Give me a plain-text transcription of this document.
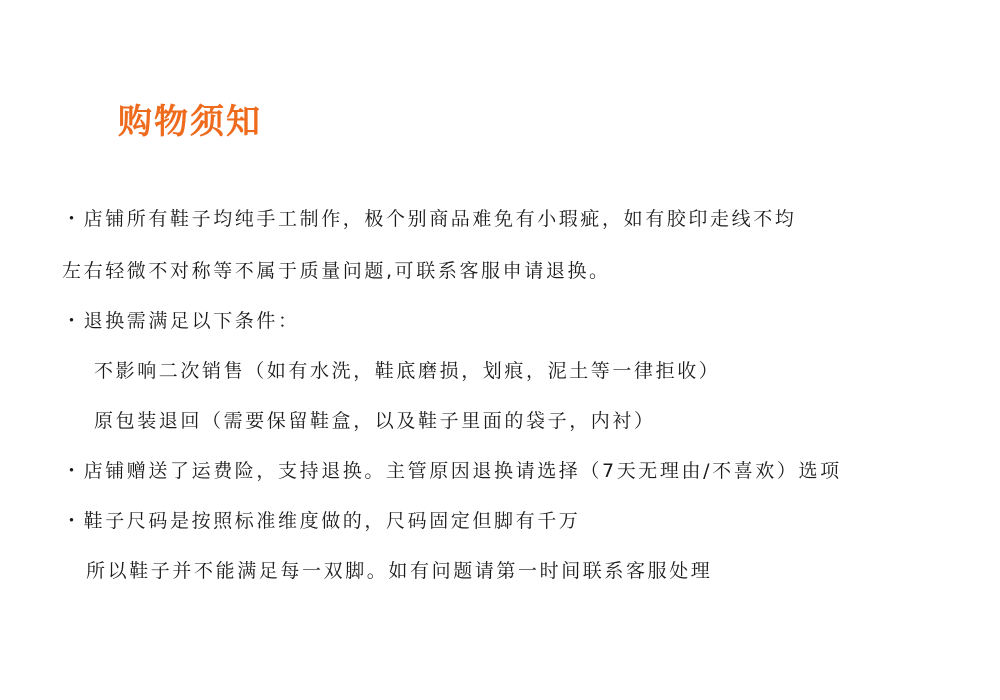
购物须知
・店铺所有鞋子均纯手工制作，极个别商品难免有小瑕疵，如有胶印走线不均
左右轻微不对称等不属于质量问题,可联系客服申请退换。
・退换需满足以下条件：
不影响二次销售（如有水洗，鞋底磨损，划痕，泥土等一律拒收）
原包装退回（需要保留鞋盒，以及鞋子里面的袋子，内衬）
・店铺赠送了运费险，支持退换。主管原因退换请选择（7天无理由/不喜欢）选项
・鞋子尺码是按照标准维度做的，尺码固定但脚有千万
所以鞋子并不能满足每一双脚。如有问题请第一时间联系客服处理
